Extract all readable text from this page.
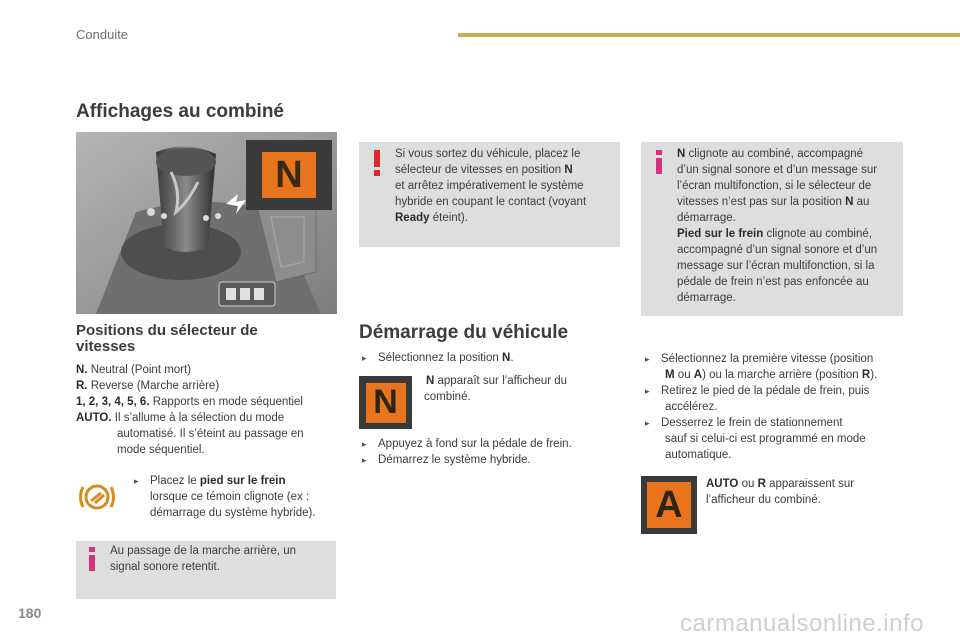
Conduite
Affichages au combiné
N	Si vous sortez du véhicule, placez le
sélecteur de vitesses en position N
et arrêtez impérativement le système
hybride en coupant le contact (voyant
Ready éteint).
N clignote au combiné, accompagné
d’un signal sonore et d’un message sur
l’écran multifonction, si le sélecteur de
vitesses n’est pas sur la position N au
démarrage.
Pied sur le frein clignote au combiné,
accompagné d’un signal sonore et d’un
message sur l’écran multifonction, si la
pédale de frein n’est pas enfoncée au
démarrage.
Positions du sélecteur de vitesses
N. Neutral (Point mort)
R. Reverse (Marche arrière)
1, 2, 3, 4, 5, 6. Rapports en mode séquentiel
AUTO. Il s’allume à la sélection du mode
automatisé. Il s’éteint au passage en
mode séquentiel.
▸ Placez le pied sur le frein
lorsque ce témoin clignote (ex :
démarrage du système hybride).
Au passage de la marche arrière, un
signal sonore retentit.
Démarrage du véhicule
▸ Sélectionnez la position N.
N
N apparaît sur l’afficheur du
combiné.
▸ Appuyez à fond sur la pédale de frein.
▸ Démarrez le système hybride.
▸ Sélectionnez la première vitesse (position
M ou A) ou la marche arrière (position R).
▸ Retirez le pied de la pédale de frein, puis
accélérez.
▸ Desserrez le frein de stationnement
sauf si celui-ci est programmé en mode
automatique.
A AUTO ou R apparaissent sur
l’afficheur du combiné.
180	carmanualsonline.info
